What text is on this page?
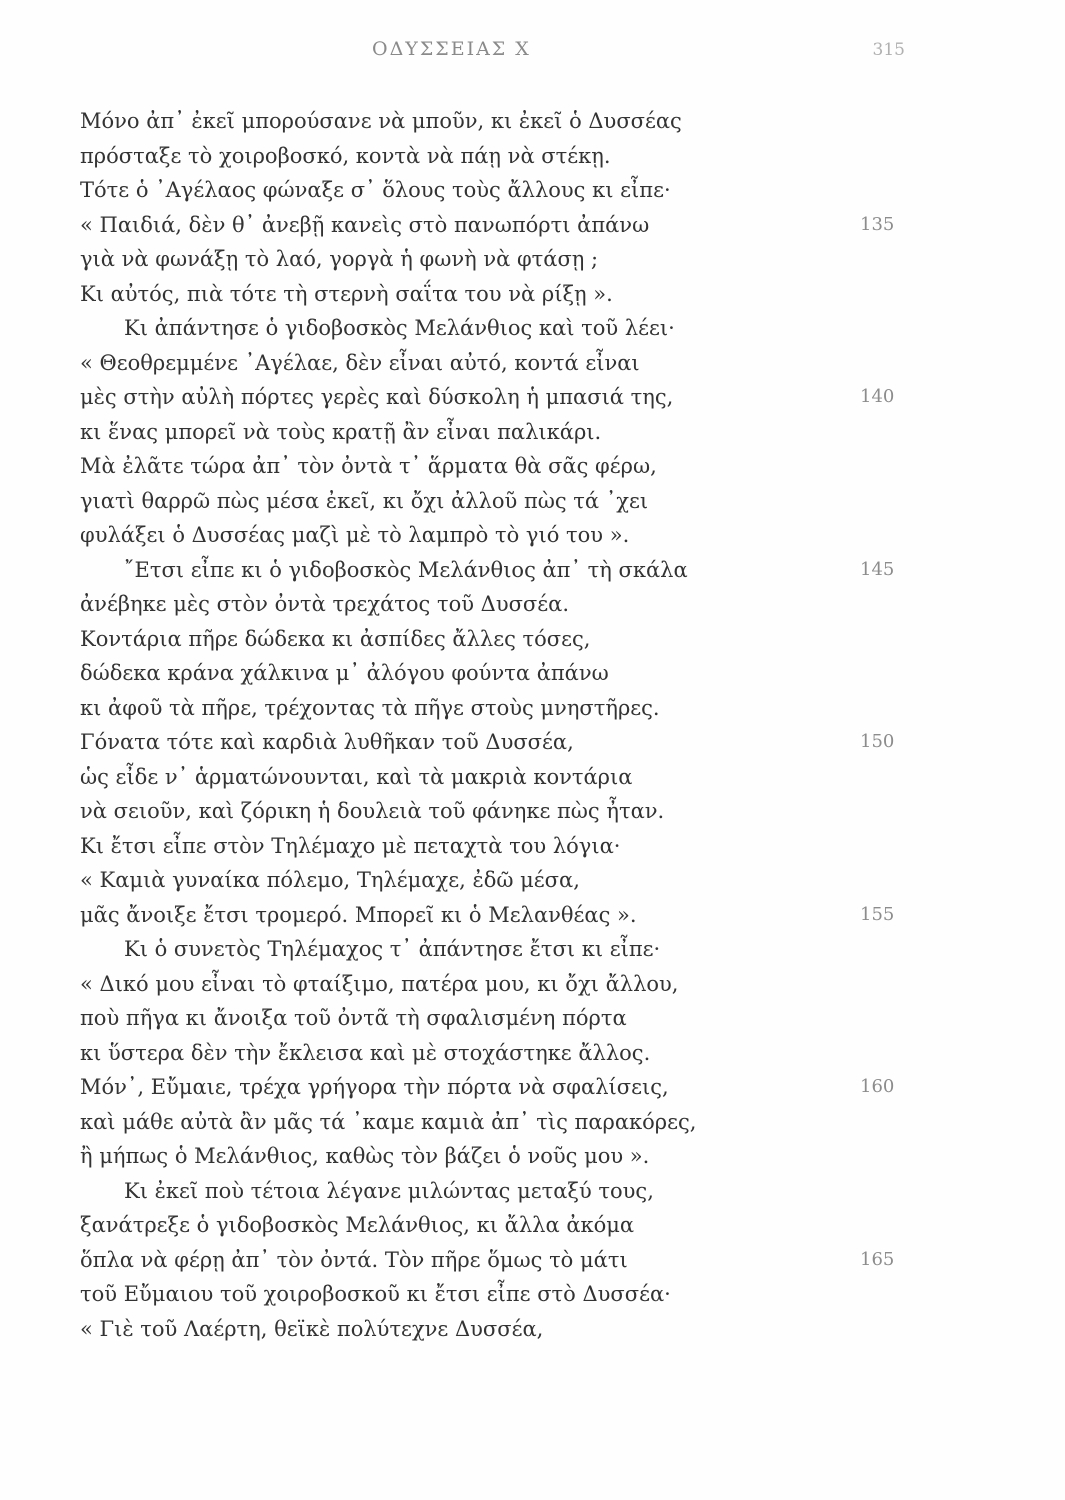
ΟΔΥΣΣΕΙΑΣ Χ	315
Μόνο ἀπ᾿ ἐκεῖ μπορούσανε νὰ μποῦν, κι ἐκεῖ ὁ Δυσσέας
πρόσταξε τὸ χοιροβοσκό, κοντὰ νὰ πάῃ νὰ στέκῃ.
Τότε ὁ ᾿Αγέλαος φώναξε σ᾿ ὅλους τοὺς ἄλλους κι εἶπε·
« Παιδιά, δὲν θ᾿ ἀνεβῇ κανεὶς στὸ πανωπόρτι ἀπάνω	135
γιὰ νὰ φωνάξῃ τὸ λαό, γοργὰ ἡ φωνὴ νὰ φτάσῃ ;
Κι αὐτός, πιὰ τότε τὴ στερνὴ σαΐτα του νὰ ρίξῃ ».
Κι ἀπάντησε ὁ γιδοβοσκὸς Μελάνθιος καὶ τοῦ λέει·
« Θεοθρεμμένε ᾿Αγέλαε, δὲν εἶναι αὐτό, κοντά εἶναι
μὲς στὴν αὐλὴ πόρτες γερὲς καὶ δύσκολη ἡ μπασιά της,	140
κι ἕνας μπορεῖ νὰ τοὺς κρατῇ ἂν εἶναι παλικάρι.
Μὰ ἐλᾶτε τώρα ἀπ᾿ τὸν ὀντὰ τ᾿ ἅρματα θὰ σᾶς φέρω,
γιατὶ θαρρῶ πὼς μέσα ἐκεῖ, κι ὄχι ἀλλοῦ πὼς τά ᾿χει
φυλάξει ὁ Δυσσέας μαζὶ μὲ τὸ λαμπρὸ τὸ γιό του ».
῎Ετσι εἶπε κι ὁ γιδοβοσκὸς Μελάνθιος ἀπ᾿ τὴ σκάλα	145
ἀνέβηκε μὲς στὸν ὀντὰ τρεχάτος τοῦ Δυσσέα.
Κοντάρια πῆρε δώδεκα κι ἀσπίδες ἄλλες τόσες,
δώδεκα κράνα χάλκινα μ᾿ ἀλόγου φούντα ἀπάνω
κι ἀφοῦ τὰ πῆρε, τρέχοντας τὰ πῆγε στοὺς μνηστῆρες.
Γόνατα τότε καὶ καρδιὰ λυθῆκαν τοῦ Δυσσέα,	150
ὡς εἶδε ν᾿ ἁρματώνουνται, καὶ τὰ μακριὰ κοντάρια
νὰ σειοῦν, καὶ ζόρικη ἡ δουλειὰ τοῦ φάνηκε πὼς ἦταν.
Κι ἔτσι εἶπε στὸν Τηλέμαχο μὲ πεταχτὰ του λόγια·
« Καμιὰ γυναίκα πόλεμο, Τηλέμαχε, ἐδῶ μέσα,
μᾶς ἄνοιξε ἔτσι τρομερό. Μπορεῖ κι ὁ Μελανθέας ».	155
Κι ὁ συνετὸς Τηλέμαχος τ᾿ ἀπάντησε ἔτσι κι εἶπε·
« Δικό μου εἶναι τὸ φταίξιμο, πατέρα μου, κι ὄχι ἄλλου,
ποὺ πῆγα κι ἄνοιξα τοῦ ὀντᾶ τὴ σφαλισμένη πόρτα
κι ὕστερα δὲν τὴν ἔκλεισα καὶ μὲ στοχάστηκε ἄλλος.
Μόν᾿, Εὔμαιε, τρέχα γρήγορα τὴν πόρτα νὰ σφαλίσεις,	160
καὶ μάθε αὐτὰ ἂν μᾶς τά ᾿καμε καμιὰ ἀπ᾿ τὶς παρακόρες,
ἢ μήπως ὁ Μελάνθιος, καθὼς τὸν βάζει ὁ νοῦς μου ».
Κι ἐκεῖ ποὺ τέτοια λέγανε μιλώντας μεταξύ τους,
ξανάτρεξε ὁ γιδοβοσκὸς Μελάνθιος, κι ἄλλα ἀκόμα
ὅπλα νὰ φέρῃ ἀπ᾿ τὸν ὀντά. Τὸν πῆρε ὅμως τὸ μάτι	165
τοῦ Εὔμαιου τοῦ χοιροβοσκοῦ κι ἔτσι εἶπε στὸ Δυσσέα·
« Γιὲ τοῦ Λαέρτη, θεϊκὲ πολύτεχνε Δυσσέα,
